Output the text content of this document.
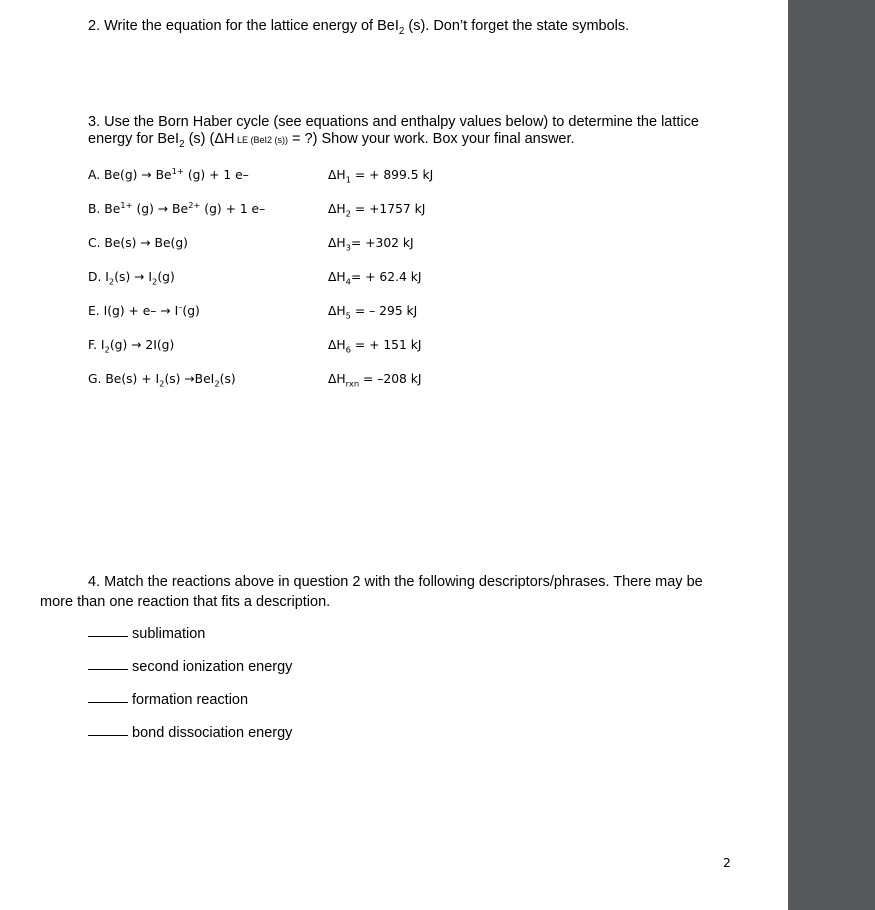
2. Write the equation for the lattice energy of BeI$_2$ (s). Don’t forget the state symbols.
3. Use the Born Haber cycle (see equations and enthalpy values below) to determine the lattice
energy for BeI$_2$ (s) (ΔH LE (BeI2 (s)) = ?) Show your work. Box your final answer.
A. $Be(g) \to Be^{1+}$ (g) + 1 e–	$\Delta H_1$ = + 899.5 kJ
B. $Be^{1+}$ $(g) \to Be^{2+}$ (g) + 1 e–	$\Delta H_2 = +1757$ kJ
C. Be(s) → Be(g)	$\Delta H_3= +302$ kJ
D. $I_2(s) \to I_2(g)$	$\Delta H_4= + 62.4$ kJ
E. I(g) + e– → I–(g)	$\Delta H_5$ = – 295 kJ
F. $I_2(g) \to 2I(g)$	$\Delta H_6$ = + 151 kJ
G. $Be(s) + I_2(s) \to BeI_2(s)$	$\Delta H_{rxn} = -208$ kJ
4. Match the reactions above in question 2 with the following descriptors/phrases. There may be
more than one reaction that fits a description.
sublimation
second ionization energy
formation reaction
bond dissociation energy
2
